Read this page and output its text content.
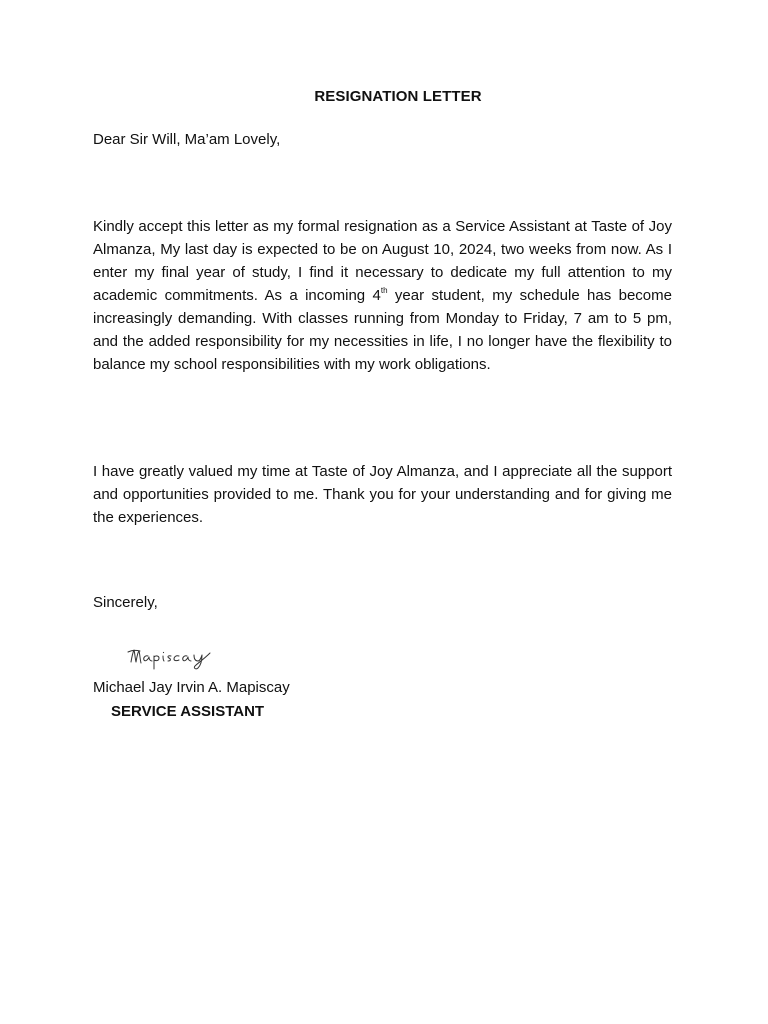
RESIGNATION LETTER
Dear Sir Will, Ma’am Lovely,

Kindly accept this letter as my formal resignation as a Service Assistant at Taste of Joy Almanza, My last day is expected to be on August 10, 2024, two weeks from now. As I enter my final year of study, I find it necessary to dedicate my full attention to my academic commitments. As a incoming 4th year student, my schedule has become increasingly demanding. With classes running from Monday to Friday, 7 am to 5 pm, and the added responsibility for my necessities in life, I no longer have the flexibility to balance my school responsibilities with my work obligations.

I have greatly valued my time at Taste of Joy Almanza, and I appreciate all the support and opportunities provided to me. Thank you for your understanding and for giving me the experiences.

Sincerely,
Michael Jay Irvin A. Mapiscay
SERVICE ASSISTANT
